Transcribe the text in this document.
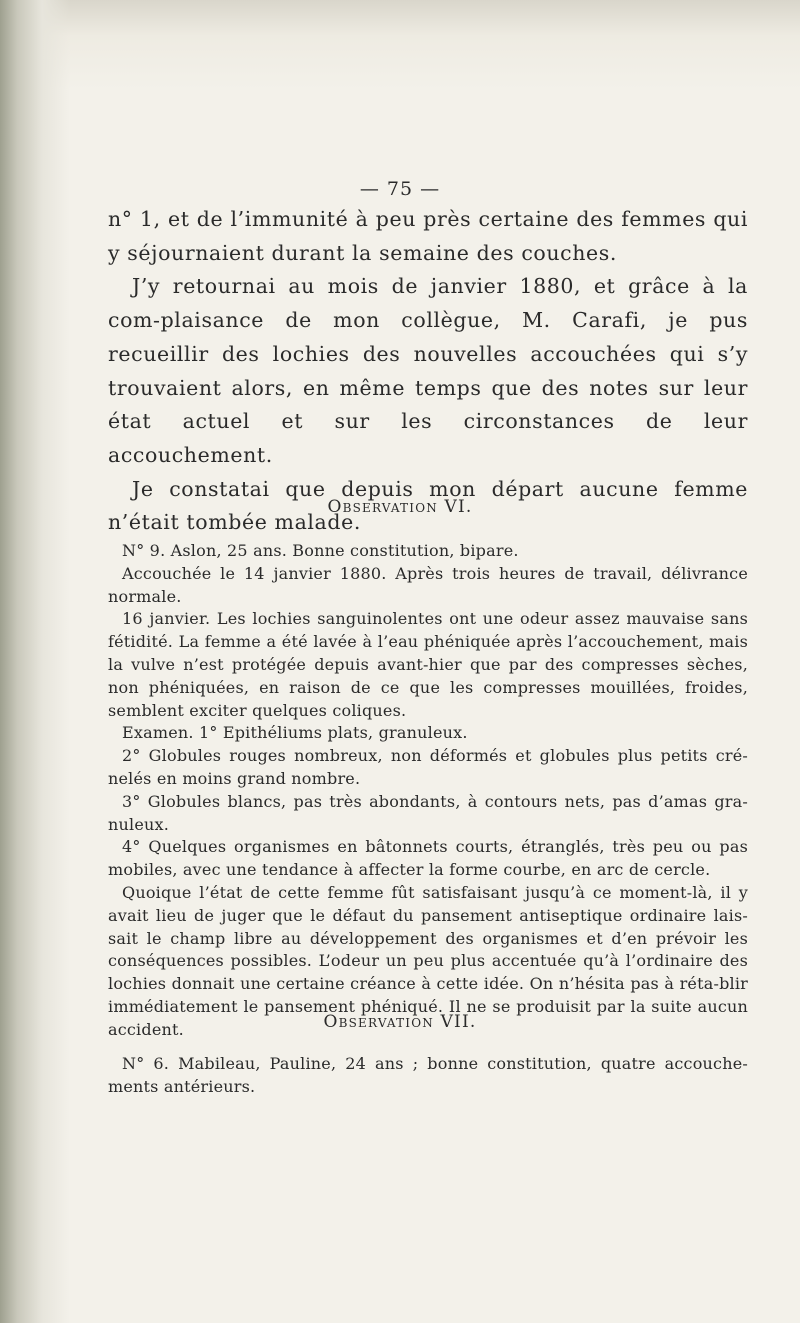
— 75 —

n° 1, et de l’immunité à peu près certaine des femmes qui y séjournaient durant la semaine des couches.

J’y retournai au mois de janvier 1880, et grâce à la com-plaisance de mon collègue, M. Carafi, je pus recueillir des lochies des nouvelles accouchées qui s’y trouvaient alors, en même temps que des notes sur leur état actuel et sur les circonstances de leur accouchement.

Je constatai que depuis mon départ aucune femme n’était tombée malade.

Observation VI.

N° 9. Aslon, 25 ans. Bonne constitution, bipare.

Accouchée le 14 janvier 1880. Après trois heures de travail, délivrance normale.

16 janvier. Les lochies sanguinolentes ont une odeur assez mauvaise sans fétidité. La femme a été lavée à l’eau phéniquée après l’accouchement, mais la vulve n’est protégée depuis avant-hier que par des compresses sèches, non phéniquées, en raison de ce que les compresses mouillées, froides, semblent exciter quelques coliques.

Examen. 1° Epithéliums plats, granuleux.

2° Globules rouges nombreux, non déformés et globules plus petits cré-nelés en moins grand nombre.

3° Globules blancs, pas très abondants, à contours nets, pas d’amas gra-nuleux.

4° Quelques organismes en bâtonnets courts, étranglés, très peu ou pas mobiles, avec une tendance à affecter la forme courbe, en arc de cercle.

Quoique l’état de cette femme fût satisfaisant jusqu’à ce moment-là, il y avait lieu de juger que le défaut du pansement antiseptique ordinaire lais-sait le champ libre au développement des organismes et d’en prévoir les conséquences possibles. L’odeur un peu plus accentuée qu’à l’ordinaire des lochies donnait une certaine créance à cette idée. On n’hésita pas à réta-blir immédiatement le pansement phéniqué. Il ne se produisit par la suite aucun accident.	Observation VII.

N° 6. Mabileau, Pauline, 24 ans ; bonne constitution, quatre accouche-ments antérieurs.
